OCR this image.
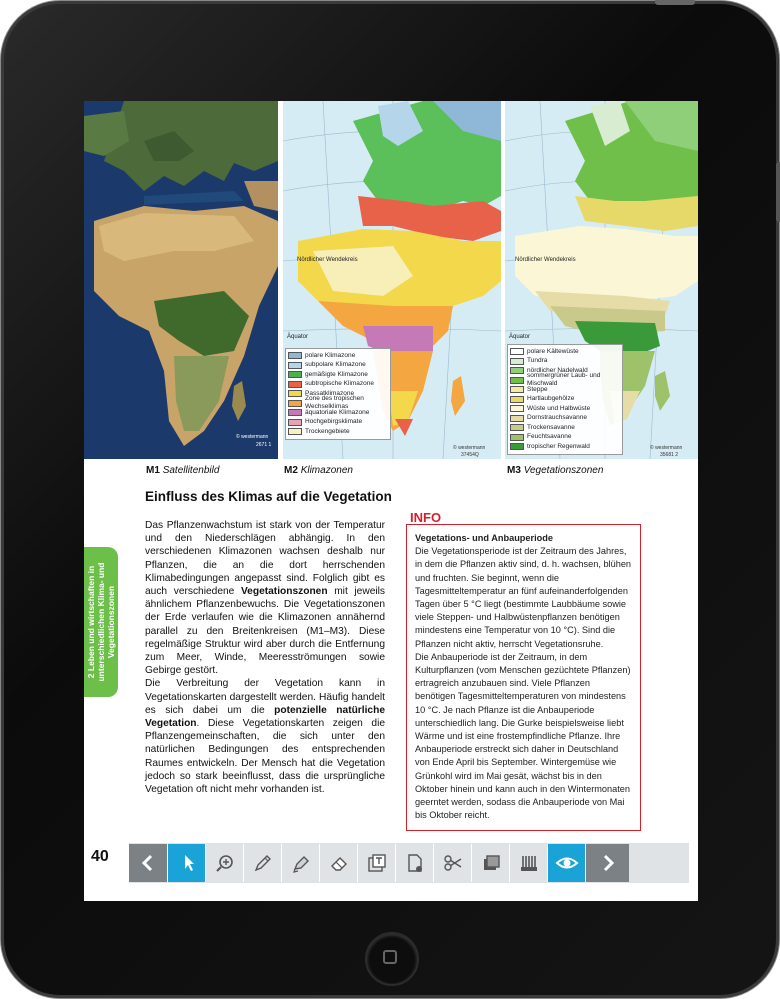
© westermann
2671 1
Nördlicher Wendekreis
Äquator
polare Klimazone
subpolare Klimazone
gemäßigte Klimazone
subtropische Klimazone
Passatklimazone
Zone des tropischen Wechselklimas
äquatoriale Klimazone
Hochgebirgsklimate
Trockengebiete
© westermann
37454Q
Nördlicher Wendekreis
Äquator
polare Kältewüste
Tundra
nördlicher Nadelwald
sommergrüner Laub- und Mischwald
Steppe
Hartlaubgehölze
Wüste und Halbwüste
Dornstrauchsavanne
Trockensavanne
Feuchtsavanne
tropischer Regenwald	© westermann
35681 2
M1 Satellitenbild	M2 Klimazonen	M3 Vegetationszonen
Einfluss des Klimas auf die Vegetation

Das Pflanzenwachstum ist stark von der Temperatur und den Niederschlägen abhängig. In den verschiedenen Klimazonen wachsen deshalb nur Pflanzen, die an die dort herrschenden Klimabedingungen angepasst sind. Folglich gibt es auch verschiedene Vegetationszonen mit jeweils ähnlichem Pflanzenbewuchs. Die Vegetationszonen der Erde verlaufen wie die Klimazonen annähernd parallel zu den Breitenkreisen (M1–M3). Diese regelmäßige Struktur wird aber durch die Entfernung zum Meer, Winde, Meeresströmungen sowie Gebirge gestört.

Die Verbreitung der Vegetation kann in Vegetationskarten dargestellt werden. Häufig handelt es sich dabei um die potenzielle natürliche Vegetation. Diese Vegetationskarten zeigen die Pflanzengemeinschaften, die sich unter den natürlichen Bedingungen des entsprechenden Raumes entwickeln. Der Mensch hat die Vegetation jedoch so stark beeinflusst, dass die ursprüngliche Vegetation oft nicht mehr vorhanden ist.

INFO
Vegetations- und Anbauperiode

Die Vegetationsperiode ist der Zeitraum des Jahres, in dem die Pflanzen aktiv sind, d. h. wachsen, blühen und fruchten. Sie beginnt, wenn die Tagesmitteltemperatur an fünf aufeinanderfolgenden Tagen über 5 °C liegt (bestimmte Laubbäume sowie viele Steppen- und Halbwüstenpflanzen benötigen mindestens eine Temperatur von 10 °C). Sind die Pflanzen nicht aktiv, herrscht Vegetationsruhe.

Die Anbauperiode ist der Zeitraum, in dem Kulturpflanzen (vom Menschen gezüchtete Pflanzen) ertragreich anzubauen sind. Viele Pflanzen benötigen Tagesmitteltemperaturen von mindestens 10 °C. Je nach Pflanze ist die Anbauperiode unterschiedlich lang. Die Gurke beispielsweise liebt Wärme und ist eine frostempfindliche Pflanze. Ihre Anbauperiode erstreckt sich daher in Deutschland von Ende April bis September. Wintergemüse wie Grünkohl wird im Mai gesät, wächst bis in den Oktober hinein und kann auch in den Wintermonaten geerntet werden, sodass die Anbauperiode von Mai bis Oktober reicht.

2 Leben und wirtschaften in unterschiedlichen Klima- und Vegetationszonen
40
